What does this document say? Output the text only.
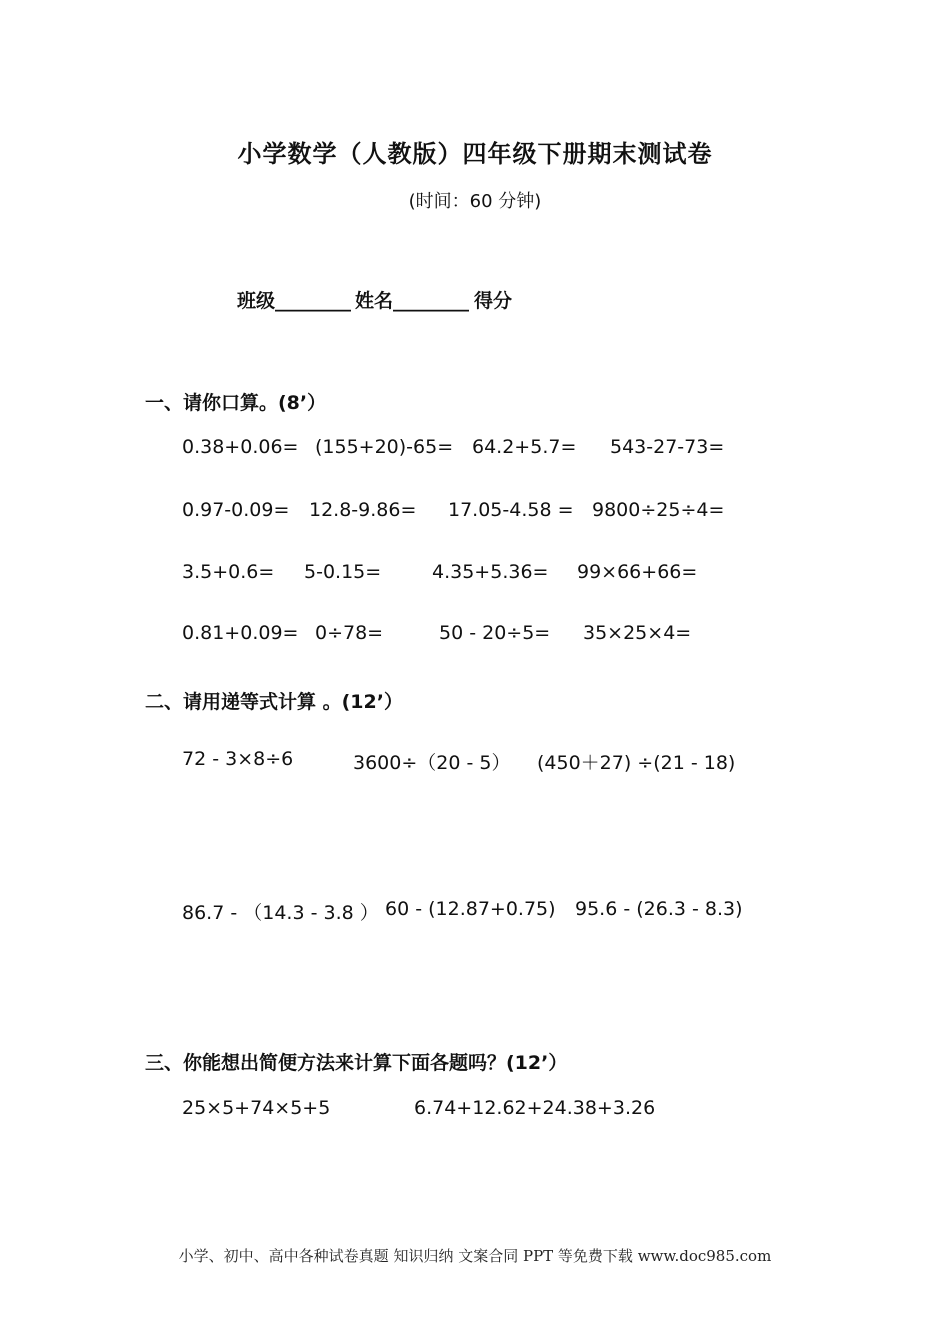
小学数学（人教版）四年级下册期末测试卷
(时间：60 分钟)
班级________ 姓名________ 得分
一、请你口算。(8’）
0.38+0.06= (155+20)-65= 64.2+5.7= 543-27-73=
0.97-0.09= 12.8-9.86= 17.05-4.58 = 9800÷25÷4=
3.5+0.6= 5-0.15=	4.35+5.36= 99×66+66=
0.81+0.09= 0÷78=	50 - 20÷5= 35×25×4=
二、请用递等式计算 。(12’）
72 - 3×8÷6	3600÷（20 - 5） (450＋27) ÷(21 - 18)
86.7 - （14.3 - 3.8 ） 60 - (12.87+0.75) 95.6 - (26.3 - 8.3)
三、你能想出简便方法来计算下面各题吗？(12’）
25×5+74×5+5	6.74+12.62+24.38+3.26
小学、初中、高中各种试卷真题 知识归纳 文案合同 PPT 等免费下载 www.doc985.com
